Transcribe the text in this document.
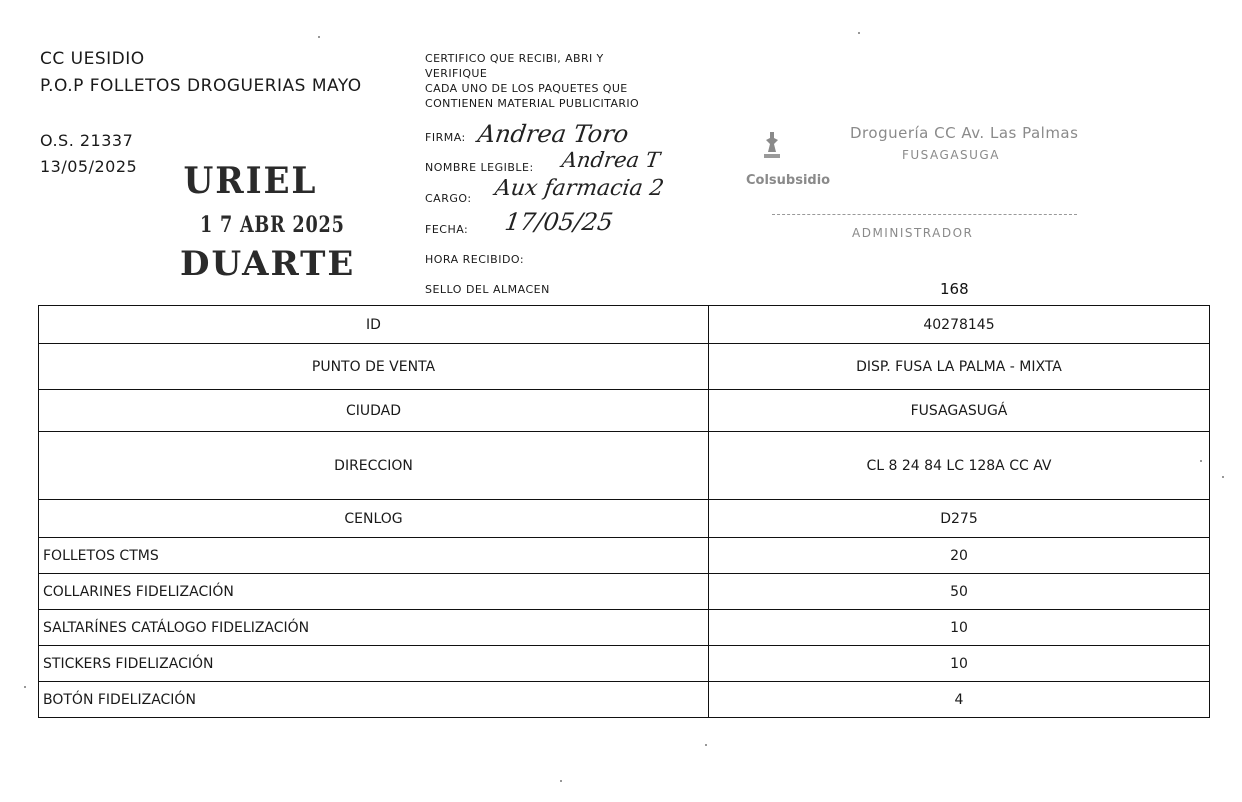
CC UESIDIO
P.O.P FOLLETOS DROGUERIAS MAYO
O.S. 21337
13/05/2025 URIEL
1 7 ABR 2025
DUARTE
CERTIFICO QUE RECIBI, ABRI Y
VERIFIQUE
CADA UNO DE LOS PAQUETES QUE
CONTIENEN MATERIAL PUBLICITARIO
FIRMA: Andrea Toro
NOMBRE LEGIBLE: Andrea T
CARGO: Aux farmacia 2
FECHA: 17/05/25
HORA RECIBIDO:
SELLO DEL ALMACEN	168
Colsubsidio
Droguería CC Av. Las Palmas
FUSAGASUGA
ADMINISTRADOR
ID	40278145
PUNTO DE VENTA	DISP. FUSA LA PALMA - MIXTA
CIUDAD	FUSAGASUGÁ
DIRECCION	CL 8 24 84 LC 128A CC AV
CENLOG	D275
FOLLETOS CTMS	20
COLLARINES FIDELIZACIÓN	50
SALTARÍNES CATÁLOGO FIDELIZACIÓN	10
STICKERS FIDELIZACIÓN	10
BOTÓN FIDELIZACIÓN	4
